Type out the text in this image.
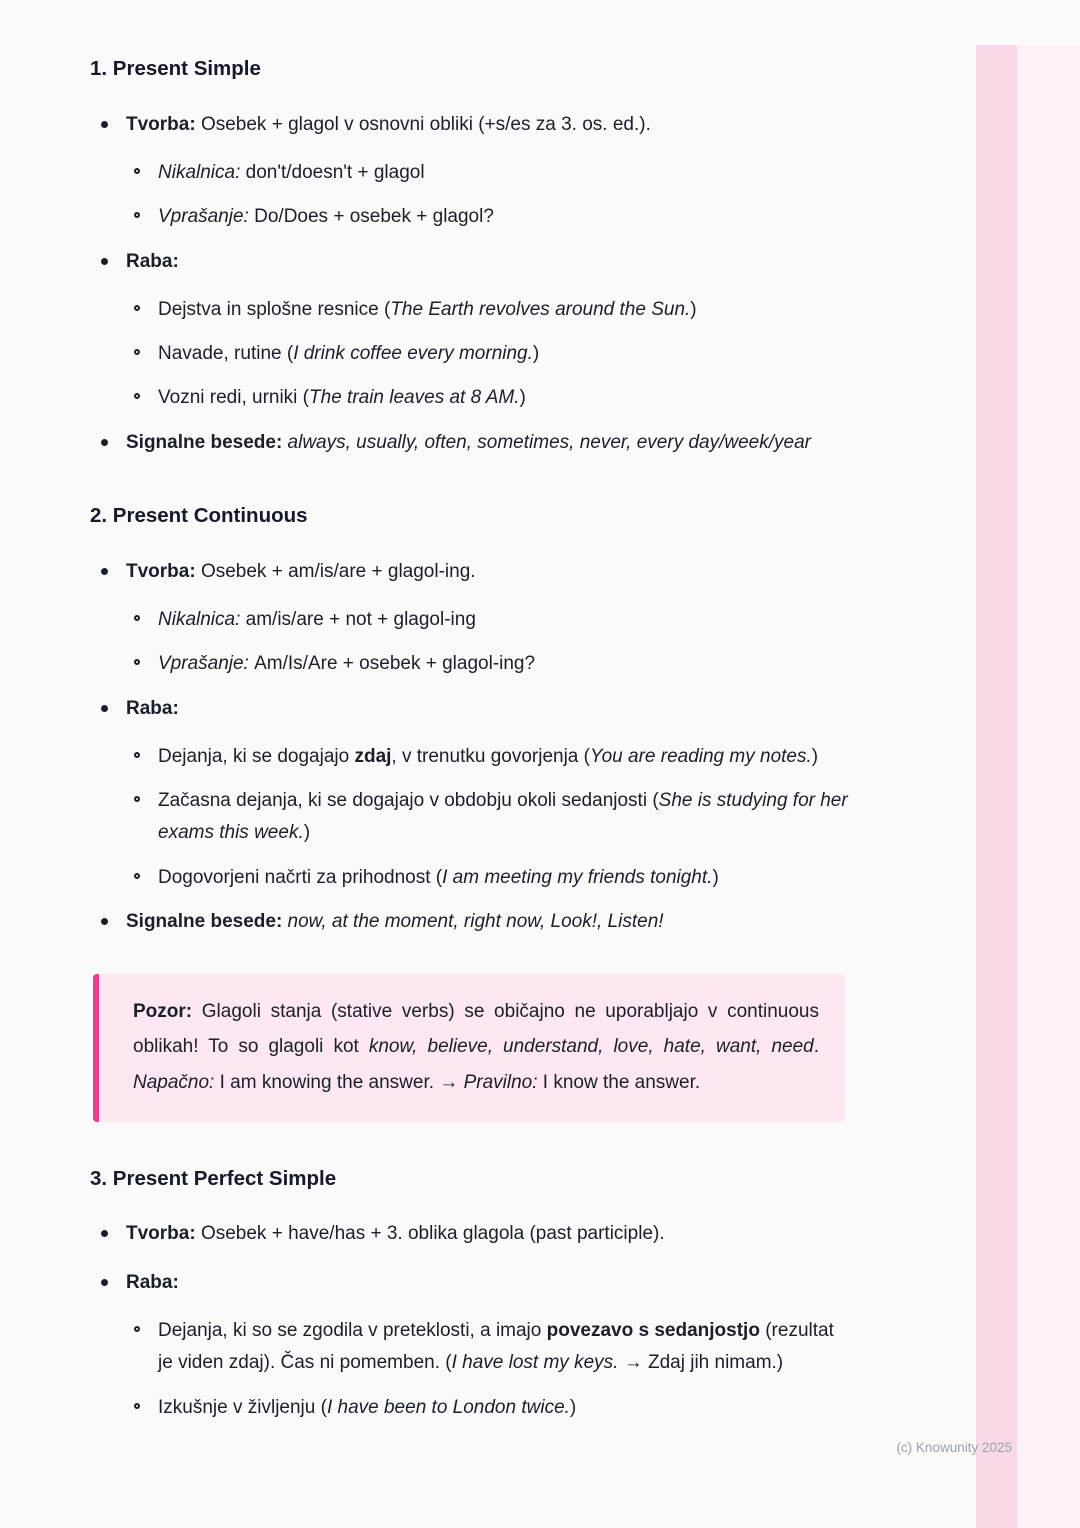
1. Present Simple
Tvorba: Osebek + glagol v osnovni obliki (+s/es za 3. os. ed.).
Nikalnica: don't/doesn't + glagol
Vprašanje: Do/Does + osebek + glagol?
Raba:
Dejstva in splošne resnice (The Earth revolves around the Sun.)
Navade, rutine (I drink coffee every morning.)
Vozni redi, urniki (The train leaves at 8 AM.)
Signalne besede: always, usually, often, sometimes, never, every day/week/year
2. Present Continuous
Tvorba: Osebek + am/is/are + glagol-ing.
Nikalnica: am/is/are + not + glagol-ing
Vprašanje: Am/Is/Are + osebek + glagol-ing?
Raba:
Dejanja, ki se dogajajo zdaj, v trenutku govorjenja (You are reading my notes.)
Začasna dejanja, ki se dogajajo v obdobju okoli sedanjosti (She is studying for her exams this week.)
Dogovorjeni načrti za prihodnost (I am meeting my friends tonight.)
Signalne besede: now, at the moment, right now, Look!, Listen!
Pozor: Glagoli stanja (stative verbs) se običajno ne uporabljajo v continuous oblikah! To so glagoli kot know, believe, understand, love, hate, want, need. Napačno: I am knowing the answer. → Pravilno: I know the answer.
3. Present Perfect Simple
Tvorba: Osebek + have/has + 3. oblika glagola (past participle).
Raba:
Dejanja, ki so se zgodila v preteklosti, a imajo povezavo s sedanjostjo (rezultat je viden zdaj). Čas ni pomemben. (I have lost my keys. → Zdaj jih nimam.)
Izkušnje v življenju (I have been to London twice.)
(c) Knowunity 2025
